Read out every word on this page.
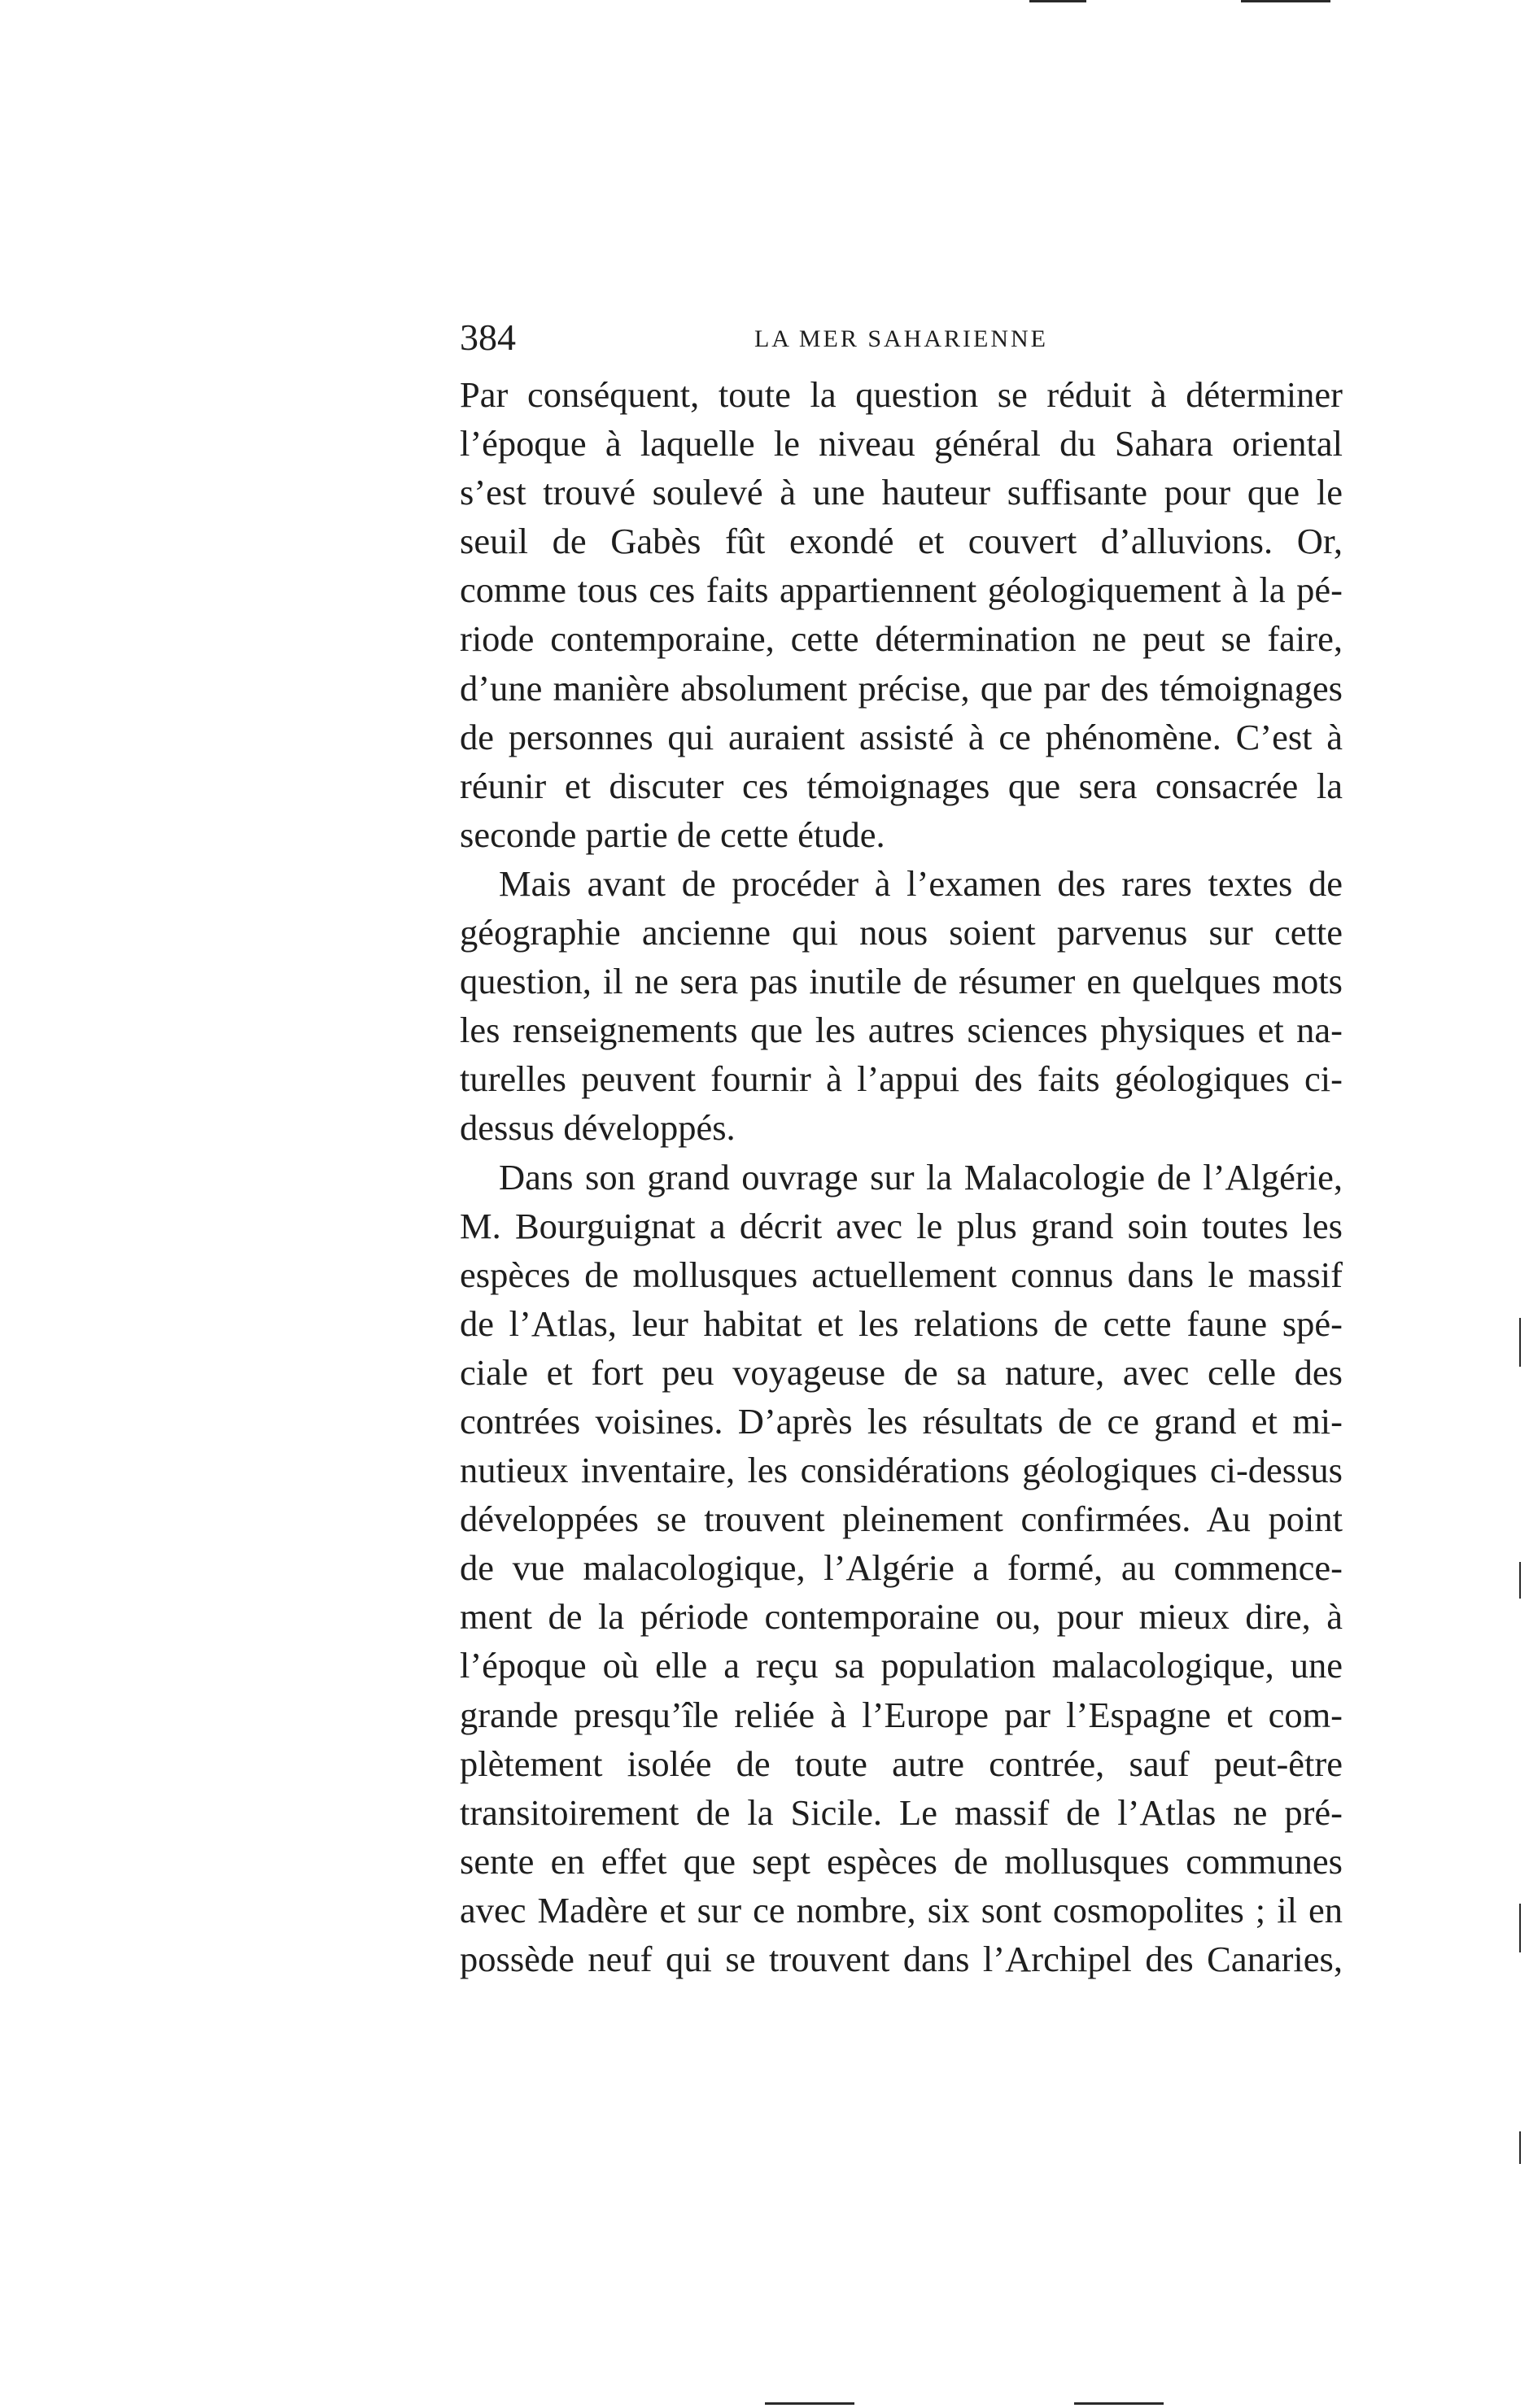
384	LA MER SAHARIENNE
Par conséquent, toute la question se réduit à déterminer
l’époque à laquelle le niveau général du Sahara oriental
s’est trouvé soulevé à une hauteur suffisante pour que le
seuil de Gabès fût exondé et couvert d’alluvions. Or,
comme tous ces faits appartiennent géologiquement à la pé-
riode contemporaine, cette détermination ne peut se faire,
d’une manière absolument précise, que par des témoignages
de personnes qui auraient assisté à ce phénomène. C’est à
réunir et discuter ces témoignages que sera consacrée la
seconde partie de cette étude.
Mais avant de procéder à l’examen des rares textes de
géographie ancienne qui nous soient parvenus sur cette
question, il ne sera pas inutile de résumer en quelques mots
les renseignements que les autres sciences physiques et na-
turelles peuvent fournir à l’appui des faits géologiques ci-
dessus développés.
Dans son grand ouvrage sur la Malacologie de l’Algérie,
M. Bourguignat a décrit avec le plus grand soin toutes les
espèces de mollusques actuellement connus dans le massif
de l’Atlas, leur habitat et les relations de cette faune spé-
ciale et fort peu voyageuse de sa nature, avec celle des
contrées voisines. D’après les résultats de ce grand et mi-
nutieux inventaire, les considérations géologiques ci-dessus
développées se trouvent pleinement confirmées. Au point
de vue malacologique, l’Algérie a formé, au commence-
ment de la période contemporaine ou, pour mieux dire, à
l’époque où elle a reçu sa population malacologique, une
grande presqu’île reliée à l’Europe par l’Espagne et com-
plètement isolée de toute autre contrée, sauf peut-être
transitoirement de la Sicile. Le massif de l’Atlas ne pré-
sente en effet que sept espèces de mollusques communes
avec Madère et sur ce nombre, six sont cosmopolites ; il en
possède neuf qui se trouvent dans l’Archipel des Canaries,
